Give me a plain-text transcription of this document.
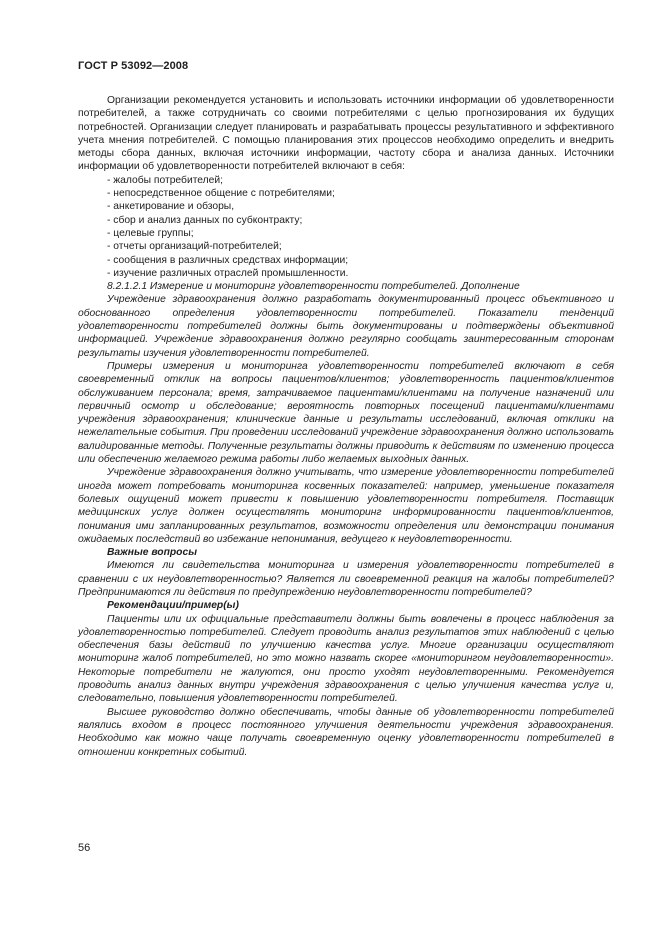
ГОСТ Р 53092—2008

Организации рекомендуется установить и использовать источники информации об удовлетворенности потребителей, а также сотрудничать со своими потребителями с целью прогнозирования их будущих потребностей. Организации следует планировать и разрабатывать процессы результативного и эффективного учета мнения потребителей. С помощью планирования этих процессов необходимо определить и внедрить методы сбора данных, включая источники информации, частоту сбора и анализа данных. Источники информации об удовлетворенности потребителей включают в себя:

- жалобы потребителей;

- непосредственное общение с потребителями;

- анкетирование и обзоры,

- сбор и анализ данных по субконтракту;

- целевые группы;

- отчеты организаций-потребителей;

- сообщения в различных средствах информации;

- изучение различных отраслей промышленности.

8.2.1.2.1 Измерение и мониторинг удовлетворенности потребителей. Дополнение

Учреждение здравоохранения должно разработать документированный процесс объективного и обоснованного определения удовлетворенности потребителей. Показатели тенденций удовлетворенности потребителей должны быть документированы и подтверждены объективной информацией. Учреждение здравоохранения должно регулярно сообщать заинтересованным сторонам результаты изучения удовлетворенности потребителей.

Примеры измерения и мониторинга удовлетворенности потребителей включают в себя своевременный отклик на вопросы пациентов/клиентов; удовлетворенность пациентов/клиентов обслуживанием персонала; время, затрачиваемое пациентами/клиентами на получение назначений или первичный осмотр и обследование; вероятность повторных посещений пациентами/клиентами учреждения здравоохранения; клинические данные и результаты исследований, включая отклики на нежелательные события. При проведении исследований учреждение здравоохранения должно использовать валидированные методы. Полученные результаты должны приводить к действиям по изменению процесса или обеспечению желаемого режима работы либо желаемых выходных данных.

Учреждение здравоохранения должно учитывать, что измерение удовлетворенности потребителей иногда может потребовать мониторинга косвенных показателей: например, уменьшение показателя болевых ощущений может привести к повышению удовлетворенности потребителя. Поставщик медицинских услуг должен осуществлять мониторинг информированности пациентов/клиентов, понимания ими запланированных результатов, возможности определения или демонстрации понимания ожидаемых последствий во избежание непонимания, ведущего к неудовлетворенности.

Важные вопросы

Имеются ли свидетельства мониторинга и измерения удовлетворенности потребителей в сравнении с их неудовлетворенностью? Является ли своевременной реакция на жалобы потребителей? Предпринимаются ли действия по предупреждению неудовлетворенности потребителей?

Рекомендации/пример(ы)

Пациенты или их официальные представители должны быть вовлечены в процесс наблюдения за удовлетворенностью потребителей. Следует проводить анализ результатов этих наблюдений с целью обеспечения базы действий по улучшению качества услуг. Многие организации осуществляют мониторинг жалоб потребителей, но это можно назвать скорее «мониторингом неудовлетворенности». Некоторые потребители не жалуются, они просто уходят неудовлетворенными. Рекомендуется проводить анализ данных внутри учреждения здравоохранения с целью улучшения качества услуг и, следовательно, повышения удовлетворенности потребителей.

Высшее руководство должно обеспечивать, чтобы данные об удовлетворенности потребителей являлись входом в процесс постоянного улучшения деятельности учреждения здравоохранения. Необходимо как можно чаще получать своевременную оценку удовлетворенности потребителей в отношении конкретных событий.

56
